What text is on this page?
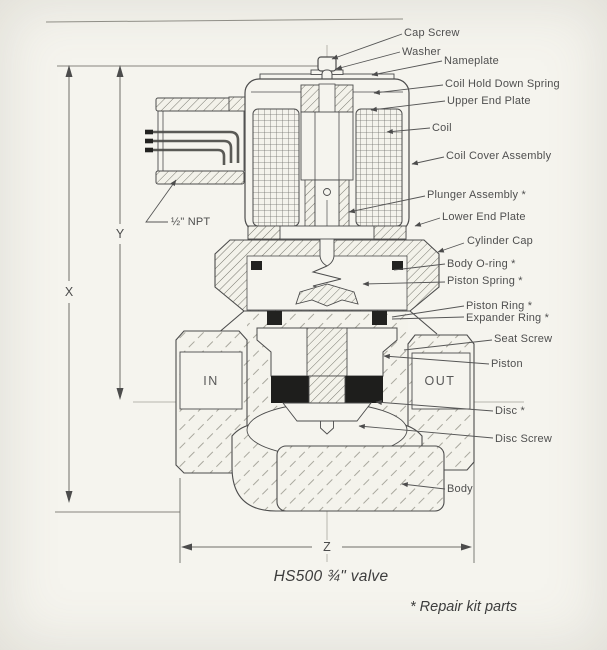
Cap Screw
Washer
Nameplate
Coil Hold Down Spring
Upper End Plate
Coil
Coil Cover Assembly
Plunger Assembly *
Lower End Plate
Cylinder Cap
Body O-ring *
Piston Spring *
Piston Ring *
Expander Ring *
Seat Screw
Piston
Disc *
Disc Screw
Body
½" NPT
X
Y
Z
IN	OUT
HS500 ¾" valve
* Repair kit parts
